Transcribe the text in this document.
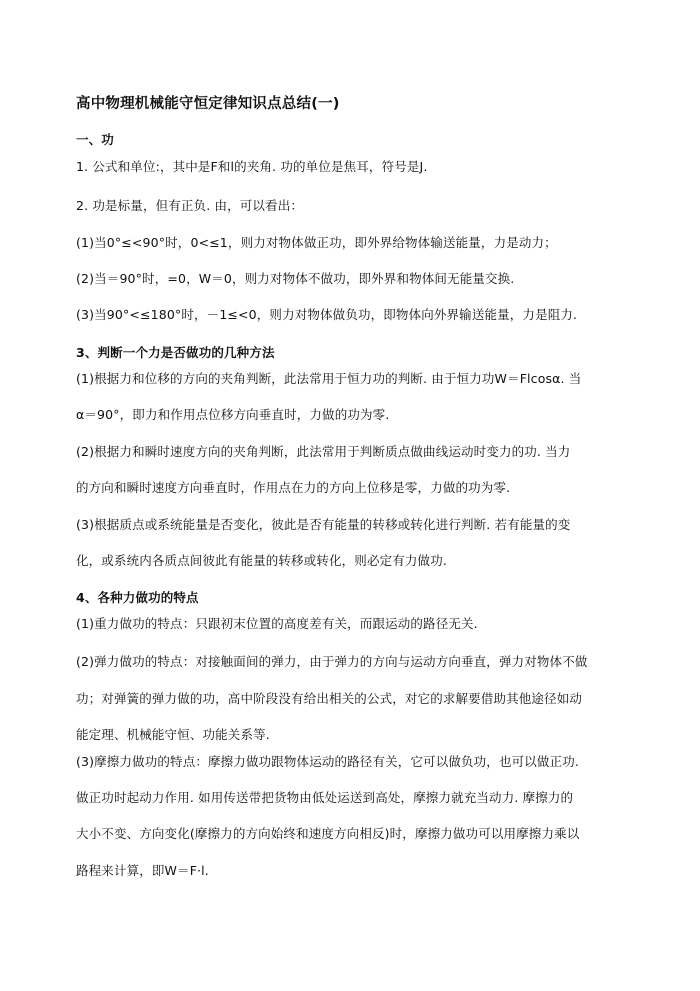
高中物理机械能守恒定律知识点总结(一)
一、功
1. 公式和单位:，其中是F和l的夹角. 功的单位是焦耳，符号是J.
2. 功是标量，但有正负. 由，可以看出：
(1)当0°≤<90°时，0<≤1，则力对物体做正功，即外界给物体输送能量，力是动力；
(2)当＝90°时，=0，W＝0，则力对物体不做功，即外界和物体间无能量交换.
(3)当90°<≤180°时，－1≤<0，则力对物体做负功，即物体向外界输送能量，力是阻力.
3、判断一个力是否做功的几种方法
(1)根据力和位移的方向的夹角判断，此法常用于恒力功的判断. 由于恒力功W＝Flcosα. 当
α＝90°，即力和作用点位移方向垂直时，力做的功为零.
(2)根据力和瞬时速度方向的夹角判断，此法常用于判断质点做曲线运动时变力的功. 当力
的方向和瞬时速度方向垂直时，作用点在力的方向上位移是零，力做的功为零.
(3)根据质点或系统能量是否变化，彼此是否有能量的转移或转化进行判断. 若有能量的变
化，或系统内各质点间彼此有能量的转移或转化，则必定有力做功.
4、各种力做功的特点
(1)重力做功的特点：只跟初末位置的高度差有关，而跟运动的路径无关.
(2)弹力做功的特点：对接触面间的弹力，由于弹力的方向与运动方向垂直，弹力对物体不做
功；对弹簧的弹力做的功，高中阶段没有给出相关的公式，对它的求解要借助其他途径如动
能定理、机械能守恒、功能关系等.
(3)摩擦力做功的特点：摩擦力做功跟物体运动的路径有关，它可以做负功，也可以做正功.
做正功时起动力作用. 如用传送带把货物由低处运送到高处，摩擦力就充当动力. 摩擦力的
大小不变、方向变化(摩擦力的方向始终和速度方向相反)时，摩擦力做功可以用摩擦力乘以
路程来计算，即W＝F·l.
